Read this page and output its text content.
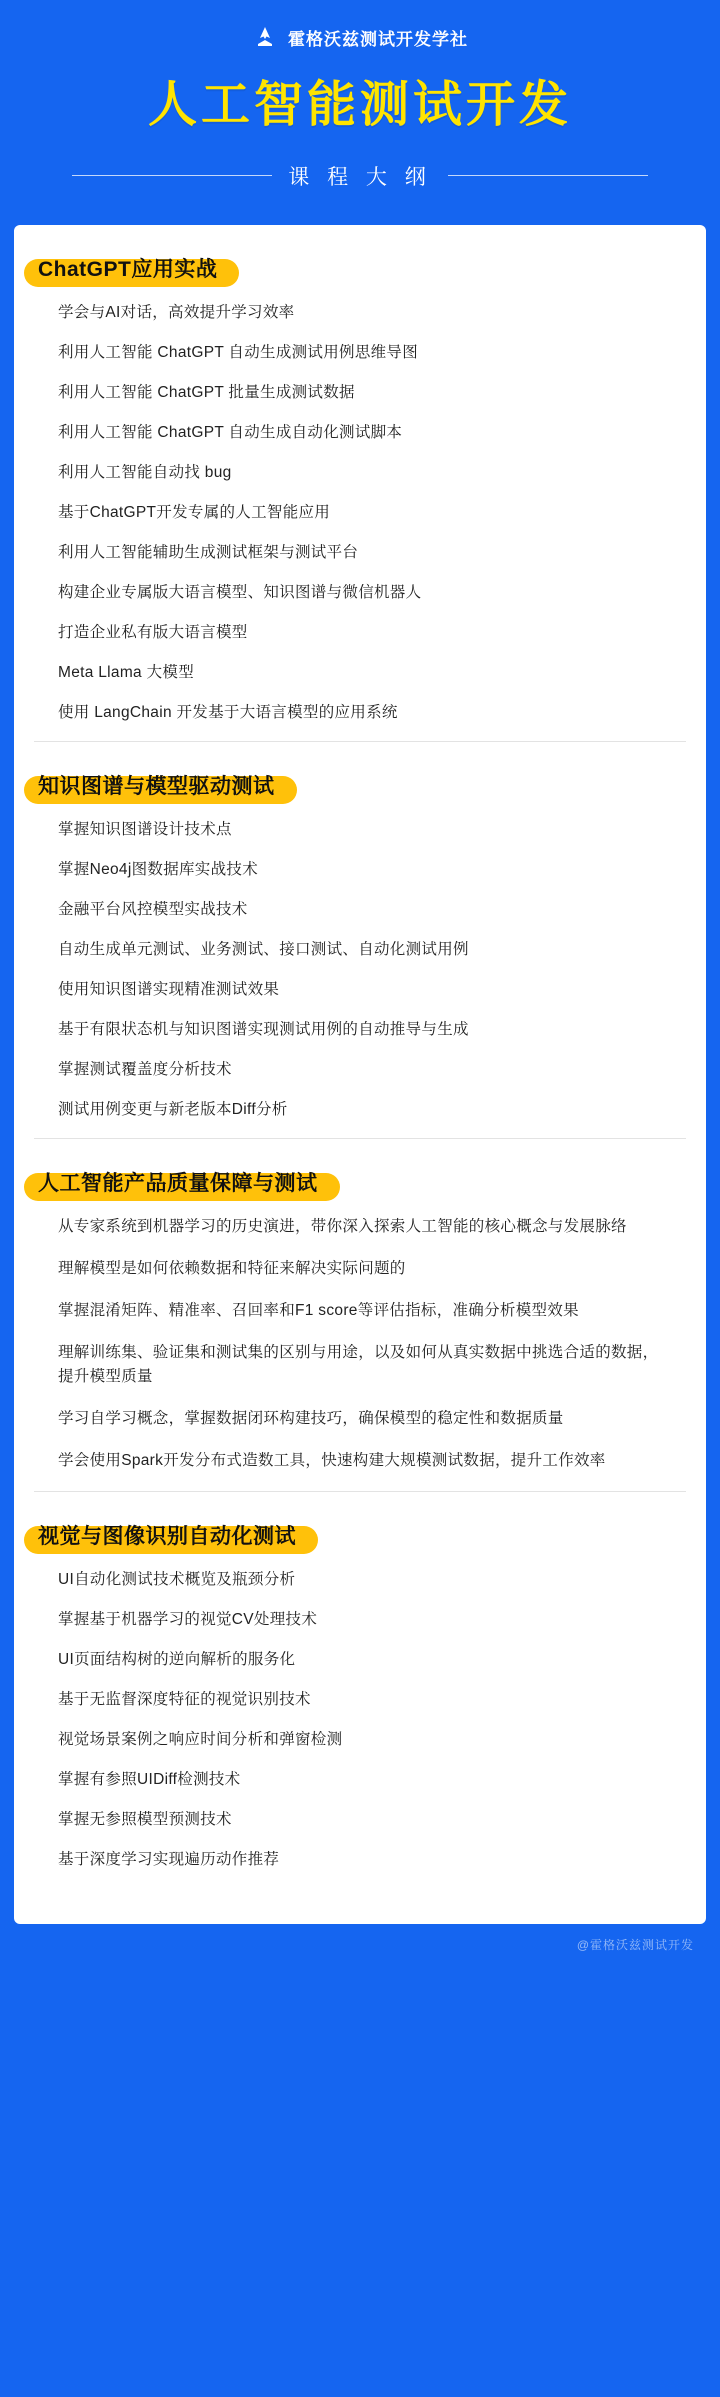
霍格沃兹测试开发学社
人工智能测试开发
课 程 大 纲
ChatGPT应用实战
学会与AI对话，高效提升学习效率
利用人工智能 ChatGPT 自动生成测试用例思维导图
利用人工智能 ChatGPT 批量生成测试数据
利用人工智能 ChatGPT 自动生成自动化测试脚本
利用人工智能自动找 bug
基于ChatGPT开发专属的人工智能应用
利用人工智能辅助生成测试框架与测试平台
构建企业专属版大语言模型、知识图谱与微信机器人
打造企业私有版大语言模型
Meta Llama 大模型
使用 LangChain 开发基于大语言模型的应用系统
知识图谱与模型驱动测试
掌握知识图谱设计技术点
掌握Neo4j图数据库实战技术
金融平台风控模型实战技术
自动生成单元测试、业务测试、接口测试、自动化测试用例
使用知识图谱实现精准测试效果
基于有限状态机与知识图谱实现测试用例的自动推导与生成
掌握测试覆盖度分析技术
测试用例变更与新老版本Diff分析
人工智能产品质量保障与测试
从专家系统到机器学习的历史演进，带你深入探索人工智能的核心概念与发展脉络
理解模型是如何依赖数据和特征来解决实际问题的
掌握混淆矩阵、精准率、召回率和F1 score等评估指标，准确分析模型效果
理解训练集、验证集和测试集的区别与用途，以及如何从真实数据中挑选合适的数据，提升模型质量
学习自学习概念，掌握数据闭环构建技巧，确保模型的稳定性和数据质量
学会使用Spark开发分布式造数工具，快速构建大规模测试数据，提升工作效率
视觉与图像识别自动化测试
UI自动化测试技术概览及瓶颈分析
掌握基于机器学习的视觉CV处理技术
UI页面结构树的逆向解析的服务化
基于无监督深度特征的视觉识别技术
视觉场景案例之响应时间分析和弹窗检测
掌握有参照UIDiff检测技术
掌握无参照模型预测技术
基于深度学习实现遍历动作推荐
@霍格沃兹测试开发
